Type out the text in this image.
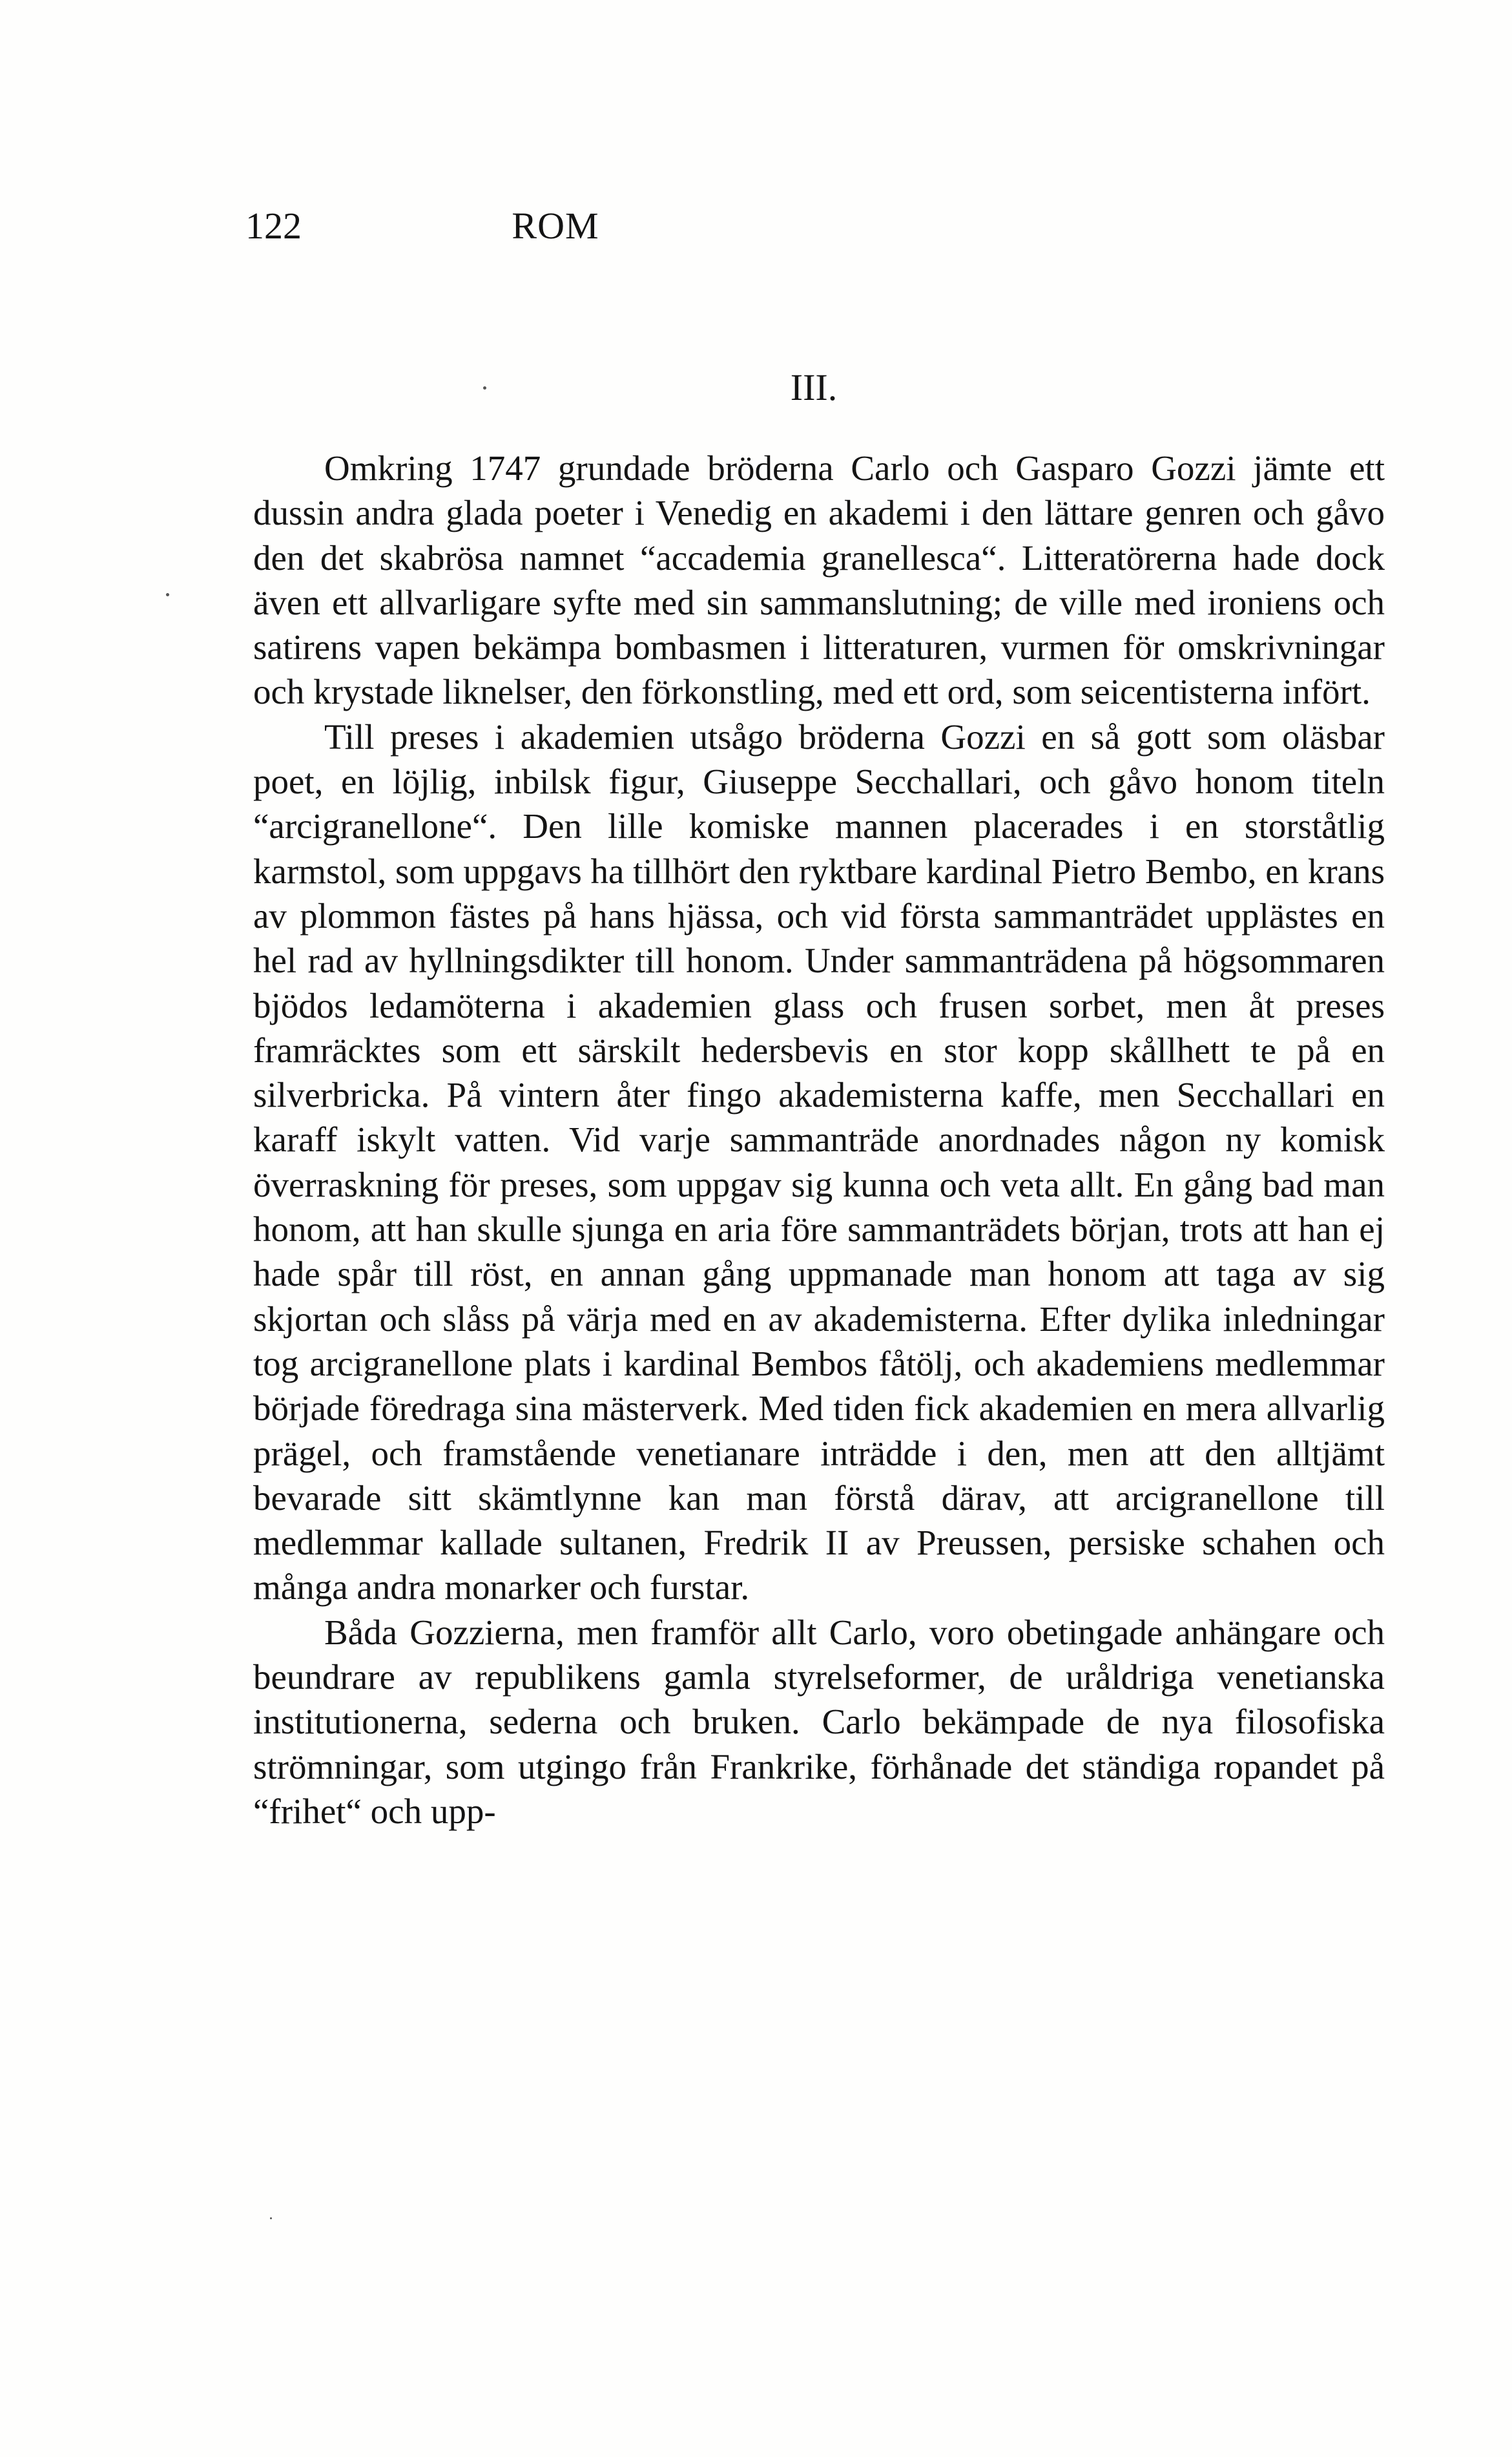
122	ROM
III.

Omkring 1747 grundade bröderna Carlo och Gasparo Gozzi jämte ett dussin andra glada poeter i Venedig en akademi i den lättare genren och gåvo den det skabrösa namnet “accademia granellesca“. Litteratörerna hade dock även ett allvarligare syfte med sin sammanslutning; de ville med ironiens och satirens vapen bekämpa bombasmen i litteraturen, vurmen för omskrivningar och krystade liknelser, den förkonstling, med ett ord, som seicentisterna infört.

Till preses i akademien utsågo bröderna Gozzi en så gott som oläsbar poet, en löjlig, inbilsk figur, Giuseppe Secchallari, och gåvo honom titeln “arcigranellone“. Den lille komiske mannen placerades i en storståtlig karmstol, som uppgavs ha tillhört den ryktbare kardinal Pietro Bembo, en krans av plommon fästes på hans hjässa, och vid första sammanträdet upplästes en hel rad av hyllningsdikter till honom. Under sammanträdena på högsommaren bjödos ledamöterna i akademien glass och frusen sorbet, men åt preses framräcktes som ett särskilt hedersbevis en stor kopp skållhett te på en silverbricka. På vintern åter fingo akademisterna kaffe, men Secchallari en karaff iskylt vatten. Vid varje sammanträde anordnades någon ny komisk överraskning för preses, som uppgav sig kunna och veta allt. En gång bad man honom, att han skulle sjunga en aria före sammanträdets början, trots att han ej hade spår till röst, en annan gång uppmanade man honom att taga av sig skjortan och slåss på värja med en av akademisterna. Efter dylika inledningar tog arcigranellone plats i kardinal Bembos fåtölj, och akademiens medlemmar började föredraga sina mästerverk. Med tiden fick akademien en mera allvarlig prägel, och framstående venetianare inträdde i den, men att den alltjämt bevarade sitt skämtlynne kan man förstå därav, att arcigranellone till medlemmar kallade sultanen, Fredrik II av Preussen, persiske schahen och många andra monarker och furstar.

Båda Gozzierna, men framför allt Carlo, voro obetingade anhängare och beundrare av republikens gamla styrelseformer, de uråldriga venetianska institutionerna, sederna och bruken. Carlo bekämpade de nya filosofiska strömningar, som utgingo från Frankrike, förhånade det ständiga ropandet på “frihet“ och upp-
